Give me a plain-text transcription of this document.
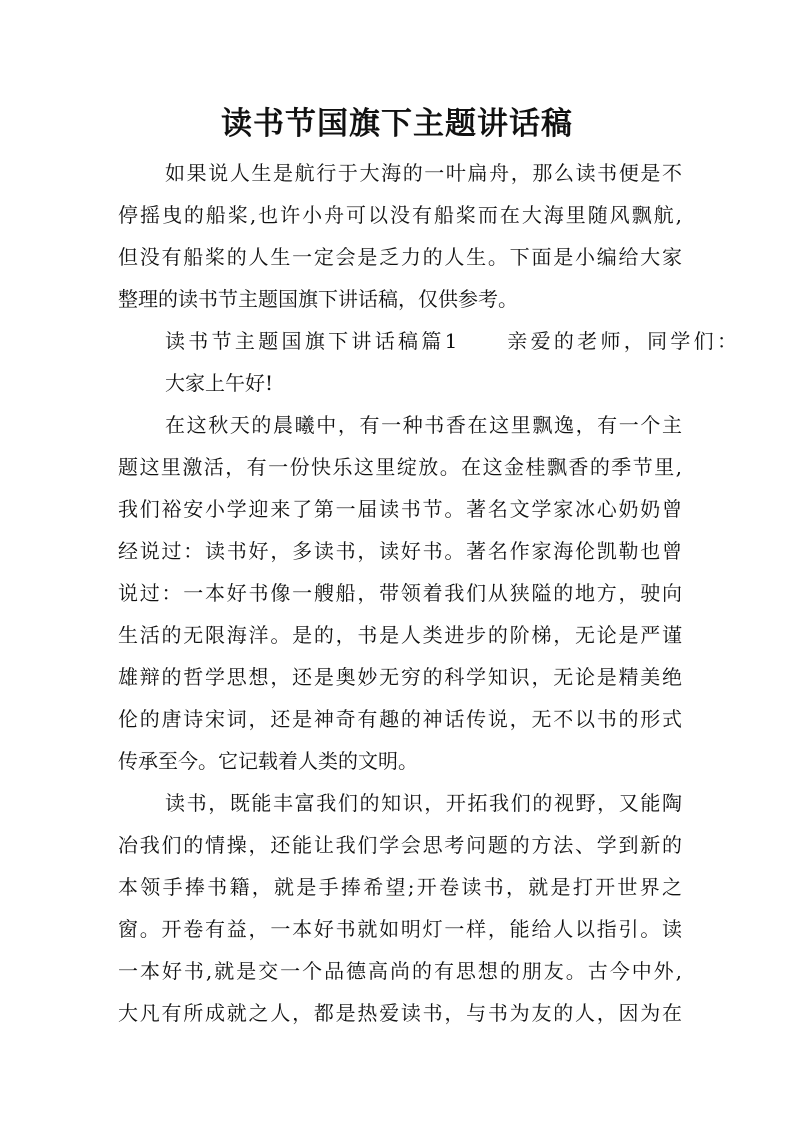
读书节国旗下主题讲话稿
如果说人生是航行于大海的一叶扁舟，那么读书便是不
停摇曳的船桨,也许小舟可以没有船桨而在大海里随风飘航,
但没有船桨的人生一定会是乏力的人生。下面是小编给大家
整理的读书节主题国旗下讲话稿，仅供参考。
读书节主题国旗下讲话稿篇1　　亲爱的老师，同学们：
大家上午好!
在这秋天的晨曦中，有一种书香在这里飘逸，有一个主
题这里激活，有一份快乐这里绽放。在这金桂飘香的季节里,
我们裕安小学迎来了第一届读书节。著名文学家冰心奶奶曾
经说过：读书好，多读书，读好书。著名作家海伦凯勒也曾
说过：一本好书像一艘船，带领着我们从狭隘的地方，驶向
生活的无限海洋。是的，书是人类进步的阶梯，无论是严谨
雄辩的哲学思想，还是奥妙无穷的科学知识，无论是精美绝
伦的唐诗宋词，还是神奇有趣的神话传说，无不以书的形式
传承至今。它记载着人类的文明。
读书，既能丰富我们的知识，开拓我们的视野，又能陶
冶我们的情操，还能让我们学会思考问题的方法、学到新的
本领手捧书籍，就是手捧希望;开卷读书，就是打开世界之
窗。开卷有益，一本好书就如明灯一样，能给人以指引。读
一本好书,就是交一个品德高尚的有思想的朋友。古今中外,
大凡有所成就之人，都是热爱读书，与书为友的人，因为在
